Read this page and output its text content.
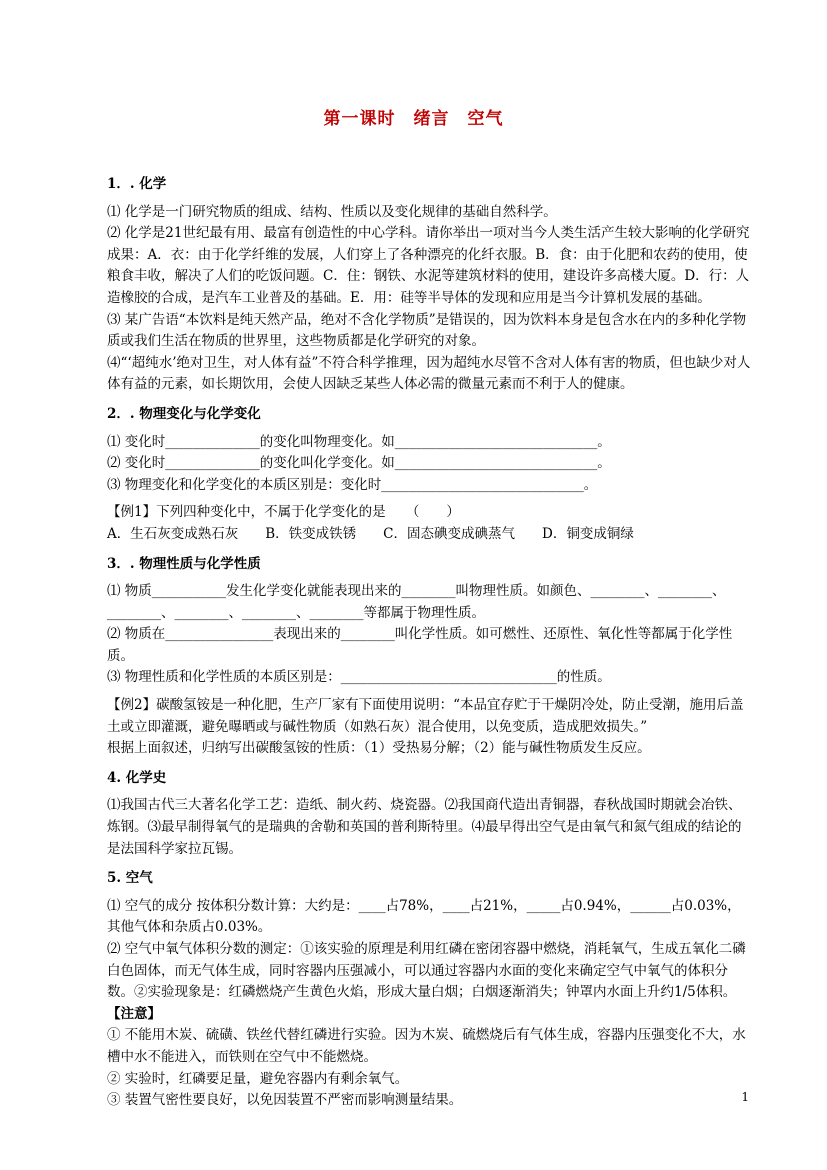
第一课时　绪言　空气
1．. 化学

⑴ 化学是一门研究物质的组成、结构、性质以及变化规律的基础自然科学。

⑵ 化学是21世纪最有用、最富有创造性的中心学科。请你举出一项对当今人类生活产生较大影响的化学研究成果：A．衣：由于化学纤维的发展，人们穿上了各种漂亮的化纤衣服。B．食：由于化肥和农药的使用，使粮食丰收，解决了人们的吃饭问题。C．住：钢铁、水泥等建筑材料的使用，建设许多高楼大厦。D．行：人造橡胶的合成，是汽车工业普及的基础。E．用：硅等半导体的发现和应用是当今计算机发展的基础。

⑶ 某广告语“本饮料是纯天然产品，绝对不含化学物质”是错误的，因为饮料本身是包含水在内的多种化学物质或我们生活在物质的世界里，这些物质都是化学研究的对象。

⑷“‘超纯水’绝对卫生，对人体有益”不符合科学推理，因为超纯水尽管不含对人体有害的物质，但也缺少对人体有益的元素，如长期饮用，会使人因缺乏某些人体必需的微量元素而不利于人的健康。

2．. 物理变化与化学变化

⑴ 变化时______________的变化叫物理变化。如______________________________。

⑵ 变化时______________的变化叫化学变化。如______________________________。

⑶ 物理变化和化学变化的本质区别是：变化时______________________________。

【例1】下列四种变化中，不属于化学变化的是　　（　　）

A．生石灰变成熟石灰　　B．铁变成铁锈　　C．固态碘变成碘蒸气　　D．铜变成铜绿

3．. 物理性质与化学性质

⑴ 物质___________发生化学变化就能表现出来的________叫物理性质。如颜色、________、________、________、________、________、________等都属于物理性质。

⑵ 物质在________________表现出来的________叫化学性质。如可燃性、还原性、氧化性等都属于化学性质。

⑶ 物理性质和化学性质的本质区别是：________________________________的性质。

【例2】碳酸氢铵是一种化肥，生产厂家有下面使用说明：“本品宜存贮于干燥阴冷处，防止受潮，施用后盖土或立即灌溉，避免曝晒或与碱性物质（如熟石灰）混合使用，以免变质，造成肥效损失。”

根据上面叙述，归纳写出碳酸氢铵的性质：（1）受热易分解；（2）能与碱性物质发生反应。

4. 化学史

⑴我国古代三大著名化学工艺：造纸、制火药、烧瓷器。⑵我国商代造出青铜器，春秋战国时期就会冶铁、炼钢。⑶最早制得氧气的是瑞典的舍勒和英国的普利斯特里。⑷最早得出空气是由氧气和氮气组成的结论的是法国科学家拉瓦锡。

5. 空气

⑴ 空气的成分 按体积分数计算：大约是：____占78%，____占21%，_____占0.94%，______占0.03%，其他气体和杂质占0.03%。

⑵ 空气中氧气体积分数的测定：①该实验的原理是利用红磷在密闭容器中燃烧，消耗氧气，生成五氧化二磷白色固体，而无气体生成，同时容器内压强减小，可以通过容器内水面的变化来确定空气中氧气的体积分数。②实验现象是：红磷燃烧产生黄色火焰，形成大量白烟；白烟逐渐消失；钟罩内水面上升约1/5体积。

【注意】

① 不能用木炭、硫磺、铁丝代替红磷进行实验。因为木炭、硫燃烧后有气体生成，容器内压强变化不大，水槽中水不能进入，而铁则在空气中不能燃烧。

② 实验时，红磷要足量，避免容器内有剩余氧气。

③ 装置气密性要良好，以免因装置不严密而影响测量结果。	1
